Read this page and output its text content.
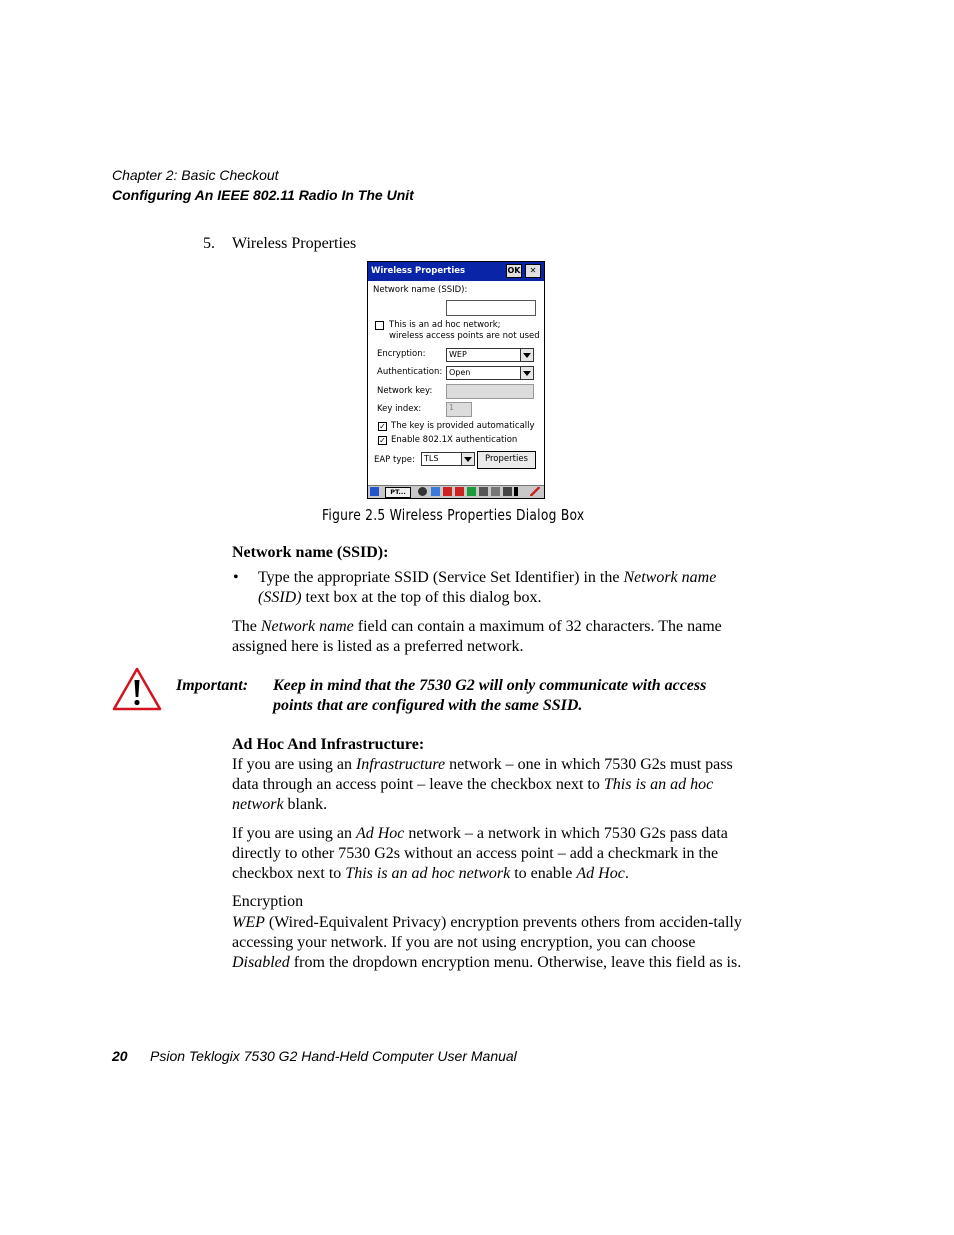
Chapter 2: Basic Checkout
Configuring An IEEE 802.11 Radio In The Unit
5. Wireless Properties
Wireless Properties	OK	✕
Network name (SSID):
This is an ad hoc network;
wireless access points are not used
Encryption:	WEP
Authentication: Open
Network key:
Key index:	1
✓ The key is provided automatically
✓ Enable 802.1X authentication
EAP type: TLS	Properties
PT...
Figure 2.5 Wireless Properties Dialog Box
Network name (SSID):
• Type the appropriate SSID (Service Set Identifier) in the Network name (SSID) text box at the top of this dialog box.
The Network name field can contain a maximum of 32 characters. The name assigned here is listed as a preferred network.
Important: Keep in mind that the 7530 G2 will only communicate with access points that are configured with the same SSID.
Ad Hoc And Infrastructure:
If you are using an Infrastructure network – one in which 7530 G2s must pass data through an access point – leave the checkbox next to This is an ad hoc network blank.
If you are using an Ad Hoc network – a network in which 7530 G2s pass data directly to other 7530 G2s without an access point – add a checkmark in the checkbox next to This is an ad hoc network to enable Ad Hoc.
Encryption
WEP (Wired-Equivalent Privacy) encryption prevents others from acciden-tally accessing your network. If you are not using encryption, you can choose Disabled from the dropdown encryption menu. Otherwise, leave this field as is.
20 Psion Teklogix 7530 G2 Hand-Held Computer User Manual
